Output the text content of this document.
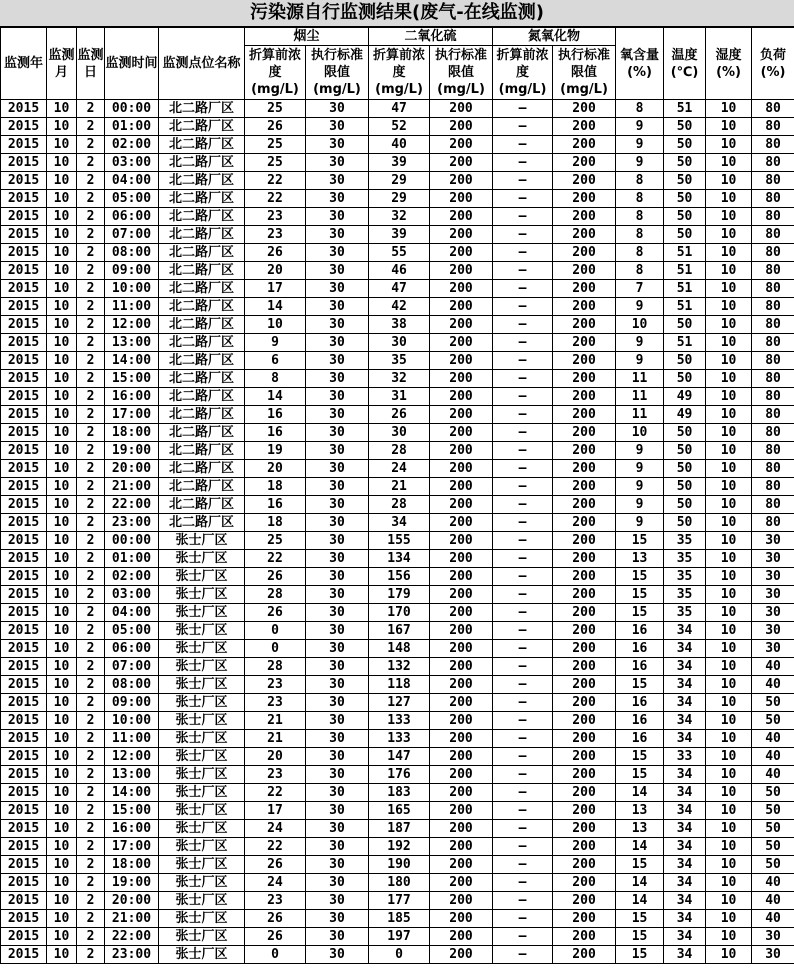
污染源自行监测结果(废气-在线监测)
监测年	监测月	监测日	监测时间	监测点位名称	烟尘		二氧化硫		氮氧化物		氧含量(%)	温度(℃)	湿度(%)	负荷(%)
					折算前浓度(mg/L)	执行标准限值(mg/L)	折算前浓度(mg/L)	执行标准限值(mg/L)	折算前浓度(mg/L)	执行标准限值(mg/L)				
2015	10	2	00:00	北二路厂区	25	30	47	200	—	200	8	51	10	80
2015	10	2	01:00	北二路厂区	26	30	52	200	—	200	9	50	10	80
2015	10	2	02:00	北二路厂区	25	30	40	200	—	200	9	50	10	80
2015	10	2	03:00	北二路厂区	25	30	39	200	—	200	9	50	10	80
2015	10	2	04:00	北二路厂区	22	30	29	200	—	200	8	50	10	80
2015	10	2	05:00	北二路厂区	22	30	29	200	—	200	8	50	10	80
2015	10	2	06:00	北二路厂区	23	30	32	200	—	200	8	50	10	80
2015	10	2	07:00	北二路厂区	23	30	39	200	—	200	8	50	10	80
2015	10	2	08:00	北二路厂区	26	30	55	200	—	200	8	51	10	80
2015	10	2	09:00	北二路厂区	20	30	46	200	—	200	8	51	10	80
2015	10	2	10:00	北二路厂区	17	30	47	200	—	200	7	51	10	80
2015	10	2	11:00	北二路厂区	14	30	42	200	—	200	9	51	10	80
2015	10	2	12:00	北二路厂区	10	30	38	200	—	200	10	50	10	80
2015	10	2	13:00	北二路厂区	9	30	30	200	—	200	9	51	10	80
2015	10	2	14:00	北二路厂区	6	30	35	200	—	200	9	50	10	80
2015	10	2	15:00	北二路厂区	8	30	32	200	—	200	11	50	10	80
2015	10	2	16:00	北二路厂区	14	30	31	200	—	200	11	49	10	80
2015	10	2	17:00	北二路厂区	16	30	26	200	—	200	11	49	10	80
2015	10	2	18:00	北二路厂区	16	30	30	200	—	200	10	50	10	80
2015	10	2	19:00	北二路厂区	19	30	28	200	—	200	9	50	10	80
2015	10	2	20:00	北二路厂区	20	30	24	200	—	200	9	50	10	80
2015	10	2	21:00	北二路厂区	18	30	21	200	—	200	9	50	10	80
2015	10	2	22:00	北二路厂区	16	30	28	200	—	200	9	50	10	80
2015	10	2	23:00	北二路厂区	18	30	34	200	—	200	9	50	10	80
2015	10	2	00:00	张士厂区	25	30	155	200	—	200	15	35	10	30
2015	10	2	01:00	张士厂区	22	30	134	200	—	200	13	35	10	30
2015	10	2	02:00	张士厂区	26	30	156	200	—	200	15	35	10	30
2015	10	2	03:00	张士厂区	28	30	179	200	—	200	15	35	10	30
2015	10	2	04:00	张士厂区	26	30	170	200	—	200	15	35	10	30
2015	10	2	05:00	张士厂区	0	30	167	200	—	200	16	34	10	30
2015	10	2	06:00	张士厂区	0	30	148	200	—	200	16	34	10	30
2015	10	2	07:00	张士厂区	28	30	132	200	—	200	16	34	10	40
2015	10	2	08:00	张士厂区	23	30	118	200	—	200	15	34	10	40
2015	10	2	09:00	张士厂区	23	30	127	200	—	200	16	34	10	50
2015	10	2	10:00	张士厂区	21	30	133	200	—	200	16	34	10	50
2015	10	2	11:00	张士厂区	21	30	133	200	—	200	16	34	10	40
2015	10	2	12:00	张士厂区	20	30	147	200	—	200	15	33	10	40
2015	10	2	13:00	张士厂区	23	30	176	200	—	200	15	34	10	40
2015	10	2	14:00	张士厂区	22	30	183	200	—	200	14	34	10	50
2015	10	2	15:00	张士厂区	17	30	165	200	—	200	13	34	10	50
2015	10	2	16:00	张士厂区	24	30	187	200	—	200	13	34	10	50
2015	10	2	17:00	张士厂区	22	30	192	200	—	200	14	34	10	50
2015	10	2	18:00	张士厂区	26	30	190	200	—	200	15	34	10	50
2015	10	2	19:00	张士厂区	24	30	180	200	—	200	14	34	10	40
2015	10	2	20:00	张士厂区	23	30	177	200	—	200	14	34	10	40
2015	10	2	21:00	张士厂区	26	30	185	200	—	200	15	34	10	40
2015	10	2	22:00	张士厂区	26	30	197	200	—	200	15	34	10	30
2015	10	2	23:00	张士厂区	0	30	0	200	—	200	15	34	10	30
